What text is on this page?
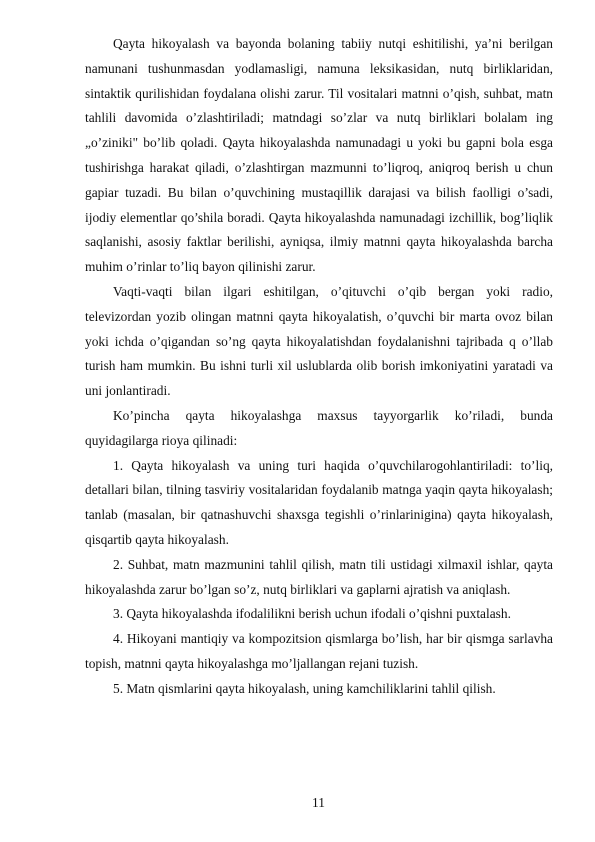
Qayta hikoyalash va bayonda bolaning tabiiy nutqi eshitilishi, ya’ni berilgan namunani tushunmasdan yodlamasligi, namuna leksikasidan, nutq birliklaridan, sintaktik qurilishidan foydalana olishi zarur. Til vositalari matnni o’qish, suhbat, matn tahlili davomida o’zlashtiriladi; matndagi so’zlar va nutq birliklari bolalam ing „o’ziniki" bo’lib qoladi. Qayta hikoyalashda namunadagi u yoki bu gapni bola esga tushirishga harakat qiladi, o’zlashtirgan mazmunni to’liqroq, aniqroq berish u chun gapiar tuzadi. Bu bilan o’quvchining mustaqillik darajasi va bilish faolligi o’sadi, ijodiy elementlar qo’shila boradi. Qayta hikoyalashda namunadagi izchillik, bog’liqlik saqlanishi, asosiy faktlar berilishi, ayniqsa, ilmiy matnni qayta hikoyalashda barcha muhim o’rinlar to’liq bayon qilinishi zarur.

Vaqti-vaqti bilan ilgari eshitilgan, o’qituvchi o’qib bergan yoki radio, televizordan yozib olingan matnni qayta hikoyalatish, o’quvchi bir marta ovoz bilan yoki ichda o’qigandan so’ng qayta hikoyalatishdan foydalanishni tajribada q o’llab turish ham mumkin. Bu ishni turli xil uslublarda olib borish imkoniyatini yaratadi va uni jonlantiradi.

Ko’pincha qayta hikoyalashga maxsus tayyorgarlik ko’riladi, bunda quyidagilarga rioya qilinadi:

1. Qayta hikoyalash va uning turi haqida o’quvchilarogohlantiriladi: to’liq, detallari bilan, tilning tasviriy vositalaridan foydalanib matnga yaqin qayta hikoyalash; tanlab (masalan, bir qatnashuvchi shaxsga tegishli o’rinlarinigina) qayta hikoyalash, qisqartib qayta hikoyalash.

2. Suhbat, matn mazmunini tahlil qilish, matn tili ustidagi xilmaxil ishlar, qayta hikoyalashda zarur bo’lgan so’z, nutq birliklari va gaplarni ajratish va aniqlash.

3. Qayta hikoyalashda ifodalilikni berish uchun ifodali o’qishni puxtalash.

4. Hikoyani mantiqiy va kompozitsion qismlarga bo’lish, har bir qismga sarlavha topish, matnni qayta hikoyalashga mo’ljallangan rejani tuzish.

5. Matn qismlarini qayta hikoyalash, uning kamchiliklarini tahlil qilish.

11
